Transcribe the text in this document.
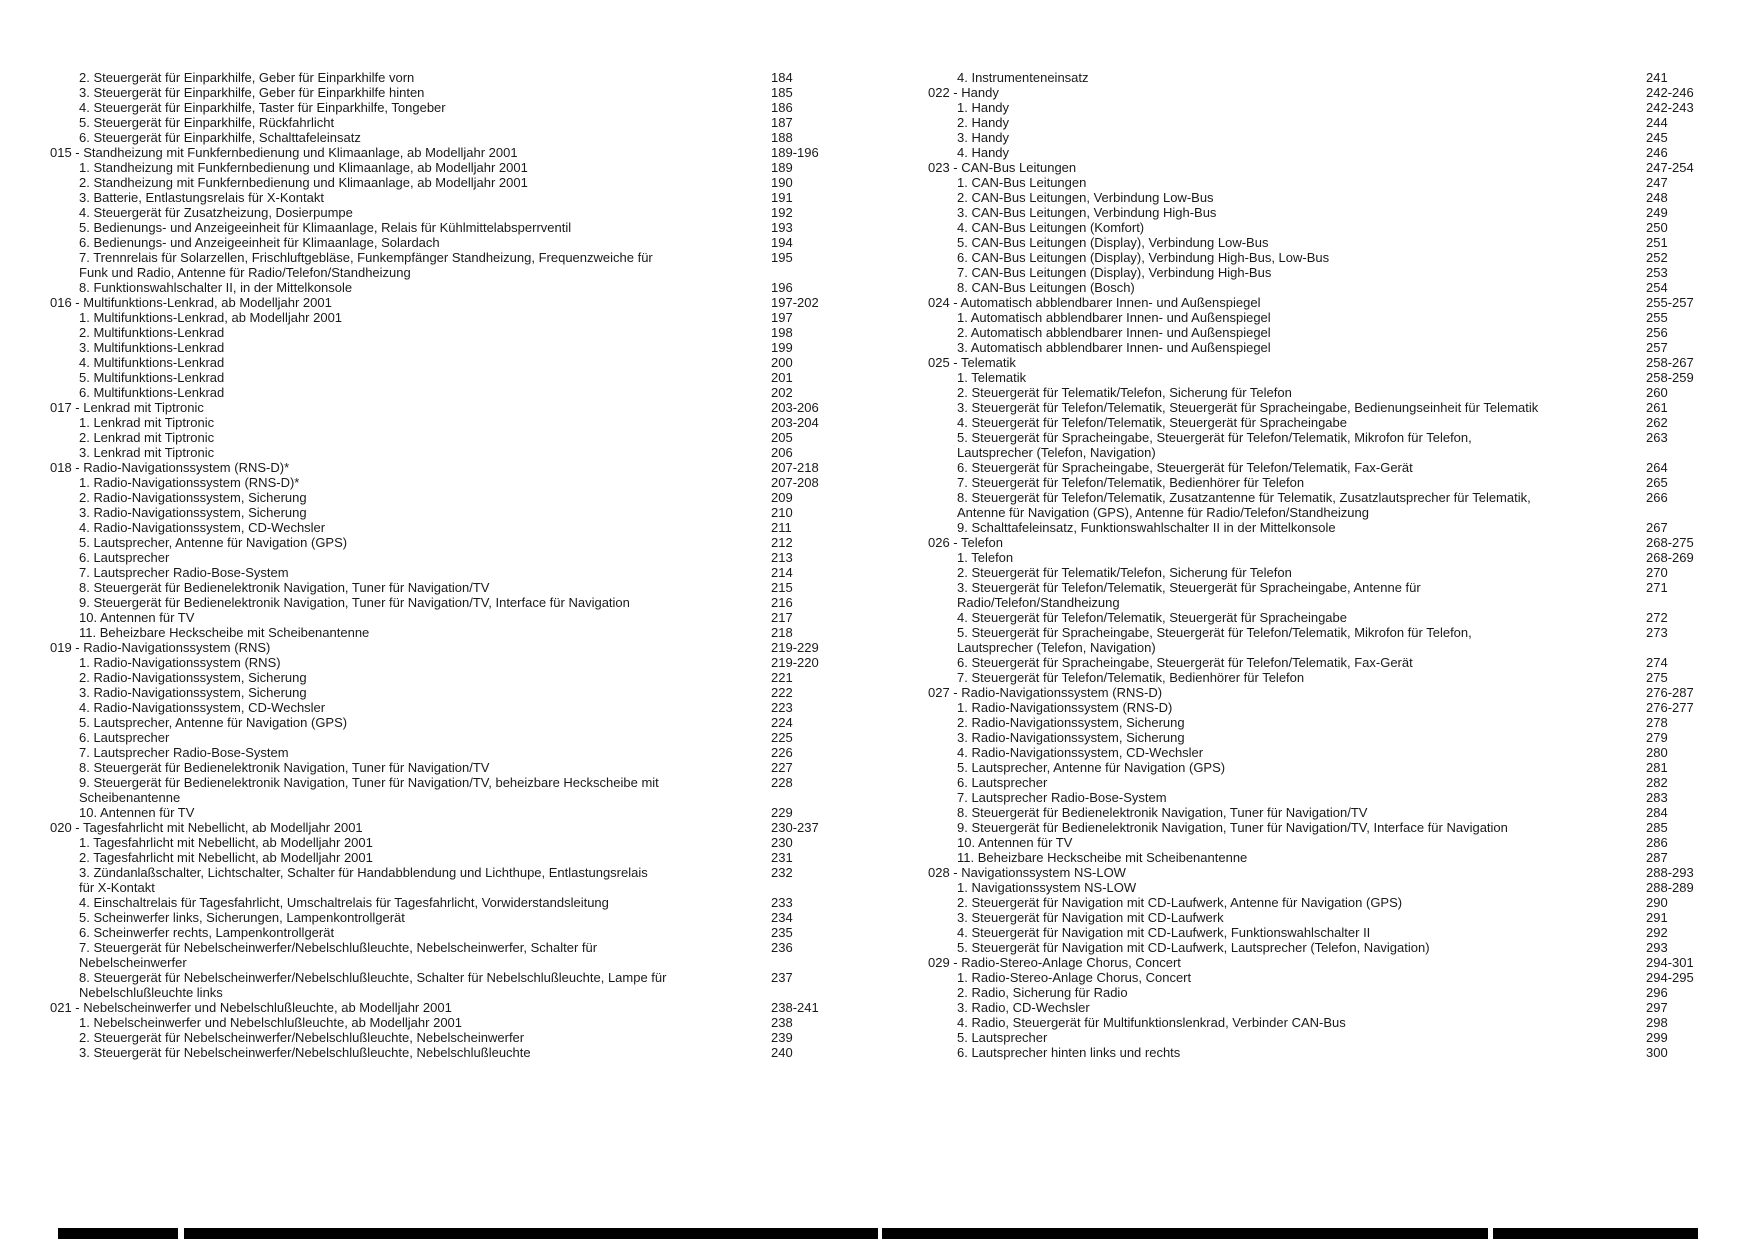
2. Steuergerät für Einparkhilfe, Geber für Einparkhilfe vorn	184
3. Steuergerät für Einparkhilfe, Geber für Einparkhilfe hinten	185
4. Steuergerät für Einparkhilfe, Taster für Einparkhilfe, Tongeber	186
5. Steuergerät für Einparkhilfe, Rückfahrlicht	187
6. Steuergerät für Einparkhilfe, Schalttafeleinsatz	188
015 - Standheizung mit Funkfernbedienung und Klimaanlage, ab Modelljahr 2001	189-196
1. Standheizung mit Funkfernbedienung und Klimaanlage, ab Modelljahr 2001	189
2. Standheizung mit Funkfernbedienung und Klimaanlage, ab Modelljahr 2001	190
3. Batterie, Entlastungsrelais für X-Kontakt	191
4. Steuergerät für Zusatzheizung, Dosierpumpe	192
5. Bedienungs- und Anzeigeeinheit für Klimaanlage, Relais für Kühlmittelabsperrventil	193
6. Bedienungs- und Anzeigeeinheit für Klimaanlage, Solardach	194
7. Trennrelais für Solarzellen, Frischluftgebläse, Funkempfänger Standheizung, Frequenzweiche für	195
Funk und Radio, Antenne für Radio/Telefon/Standheizung
8. Funktionswahlschalter II, in der Mittelkonsole	196
016 - Multifunktions-Lenkrad, ab Modelljahr 2001	197-202
1. Multifunktions-Lenkrad, ab Modelljahr 2001	197
2. Multifunktions-Lenkrad	198
3. Multifunktions-Lenkrad	199
4. Multifunktions-Lenkrad	200
5. Multifunktions-Lenkrad	201
6. Multifunktions-Lenkrad	202
017 - Lenkrad mit Tiptronic	203-206
1. Lenkrad mit Tiptronic	203-204
2. Lenkrad mit Tiptronic	205
3. Lenkrad mit Tiptronic	206
018 - Radio-Navigationssystem (RNS-D)*	207-218
1. Radio-Navigationssystem (RNS-D)*	207-208
2. Radio-Navigationssystem, Sicherung	209
3. Radio-Navigationssystem, Sicherung	210
4. Radio-Navigationssystem, CD-Wechsler	211
5. Lautsprecher, Antenne für Navigation (GPS)	212
6. Lautsprecher	213
7. Lautsprecher Radio-Bose-System	214
8. Steuergerät für Bedienelektronik Navigation, Tuner für Navigation/TV	215
9. Steuergerät für Bedienelektronik Navigation, Tuner für Navigation/TV, Interface für Navigation	216
10. Antennen für TV	217
11. Beheizbare Heckscheibe mit Scheibenantenne	218
019 - Radio-Navigationssystem (RNS)	219-229
1. Radio-Navigationssystem (RNS)	219-220
2. Radio-Navigationssystem, Sicherung	221
3. Radio-Navigationssystem, Sicherung	222
4. Radio-Navigationssystem, CD-Wechsler	223
5. Lautsprecher, Antenne für Navigation (GPS)	224
6. Lautsprecher	225
7. Lautsprecher Radio-Bose-System	226
8. Steuergerät für Bedienelektronik Navigation, Tuner für Navigation/TV	227
9. Steuergerät für Bedienelektronik Navigation, Tuner für Navigation/TV, beheizbare Heckscheibe mit	228
Scheibenantenne
10. Antennen für TV	229
020 - Tagesfahrlicht mit Nebellicht, ab Modelljahr 2001	230-237
1. Tagesfahrlicht mit Nebellicht, ab Modelljahr 2001	230
2. Tagesfahrlicht mit Nebellicht, ab Modelljahr 2001	231
3. Zündanlaßschalter, Lichtschalter, Schalter für Handabblendung und Lichthupe, Entlastungsrelais	232
für X-Kontakt
4. Einschaltrelais für Tagesfahrlicht, Umschaltrelais für Tagesfahrlicht, Vorwiderstandsleitung	233
5. Scheinwerfer links, Sicherungen, Lampenkontrollgerät	234
6. Scheinwerfer rechts, Lampenkontrollgerät	235
7. Steuergerät für Nebelscheinwerfer/Nebelschlußleuchte, Nebelscheinwerfer, Schalter für	236
Nebelscheinwerfer
8. Steuergerät für Nebelscheinwerfer/Nebelschlußleuchte, Schalter für Nebelschlußleuchte, Lampe für	237
Nebelschlußleuchte links
021 - Nebelscheinwerfer und Nebelschlußleuchte, ab Modelljahr 2001	238-241
1. Nebelscheinwerfer und Nebelschlußleuchte, ab Modelljahr 2001	238
2. Steuergerät für Nebelscheinwerfer/Nebelschlußleuchte, Nebelscheinwerfer	239
3. Steuergerät für Nebelscheinwerfer/Nebelschlußleuchte, Nebelschlußleuchte	240
4. Instrumenteneinsatz	241
022 - Handy	242-246
1. Handy	242-243
2. Handy	244
3. Handy	245
4. Handy	246
023 - CAN-Bus Leitungen	247-254
1. CAN-Bus Leitungen	247
2. CAN-Bus Leitungen, Verbindung Low-Bus	248
3. CAN-Bus Leitungen, Verbindung High-Bus	249
4. CAN-Bus Leitungen (Komfort)	250
5. CAN-Bus Leitungen (Display), Verbindung Low-Bus	251
6. CAN-Bus Leitungen (Display), Verbindung High-Bus, Low-Bus	252
7. CAN-Bus Leitungen (Display), Verbindung High-Bus	253
8. CAN-Bus Leitungen (Bosch)	254
024 - Automatisch abblendbarer Innen- und Außenspiegel	255-257
1. Automatisch abblendbarer Innen- und Außenspiegel	255
2. Automatisch abblendbarer Innen- und Außenspiegel	256
3. Automatisch abblendbarer Innen- und Außenspiegel	257
025 - Telematik	258-267
1. Telematik	258-259
2. Steuergerät für Telematik/Telefon, Sicherung für Telefon	260
3. Steuergerät für Telefon/Telematik, Steuergerät für Spracheingabe, Bedienungseinheit für Telematik	261
4. Steuergerät für Telefon/Telematik, Steuergerät für Spracheingabe	262
5. Steuergerät für Spracheingabe, Steuergerät für Telefon/Telematik, Mikrofon für Telefon,	263
Lautsprecher (Telefon, Navigation)
6. Steuergerät für Spracheingabe, Steuergerät für Telefon/Telematik, Fax-Gerät	264
7. Steuergerät für Telefon/Telematik, Bedienhörer für Telefon	265
8. Steuergerät für Telefon/Telematik, Zusatzantenne für Telematik, Zusatzlautsprecher für Telematik,	266
Antenne für Navigation (GPS), Antenne für Radio/Telefon/Standheizung
9. Schalttafeleinsatz, Funktionswahlschalter II in der Mittelkonsole	267
026 - Telefon	268-275
1. Telefon	268-269
2. Steuergerät für Telematik/Telefon, Sicherung für Telefon	270
3. Steuergerät für Telefon/Telematik, Steuergerät für Spracheingabe, Antenne für	271
Radio/Telefon/Standheizung
4. Steuergerät für Telefon/Telematik, Steuergerät für Spracheingabe	272
5. Steuergerät für Spracheingabe, Steuergerät für Telefon/Telematik, Mikrofon für Telefon,	273
Lautsprecher (Telefon, Navigation)
6. Steuergerät für Spracheingabe, Steuergerät für Telefon/Telematik, Fax-Gerät	274
7. Steuergerät für Telefon/Telematik, Bedienhörer für Telefon	275
027 - Radio-Navigationssystem (RNS-D)	276-287
1. Radio-Navigationssystem (RNS-D)	276-277
2. Radio-Navigationssystem, Sicherung	278
3. Radio-Navigationssystem, Sicherung	279
4. Radio-Navigationssystem, CD-Wechsler	280
5. Lautsprecher, Antenne für Navigation (GPS)	281
6. Lautsprecher	282
7. Lautsprecher Radio-Bose-System	283
8. Steuergerät für Bedienelektronik Navigation, Tuner für Navigation/TV	284
9. Steuergerät für Bedienelektronik Navigation, Tuner für Navigation/TV, Interface für Navigation	285
10. Antennen für TV	286
11. Beheizbare Heckscheibe mit Scheibenantenne	287
028 - Navigationssystem NS-LOW	288-293
1. Navigationssystem NS-LOW	288-289
2. Steuergerät für Navigation mit CD-Laufwerk, Antenne für Navigation (GPS)	290
3. Steuergerät für Navigation mit CD-Laufwerk	291
4. Steuergerät für Navigation mit CD-Laufwerk, Funktionswahlschalter II	292
5. Steuergerät für Navigation mit CD-Laufwerk, Lautsprecher (Telefon, Navigation)	293
029 - Radio-Stereo-Anlage Chorus, Concert	294-301
1. Radio-Stereo-Anlage Chorus, Concert	294-295
2. Radio, Sicherung für Radio	296
3. Radio, CD-Wechsler	297
4. Radio, Steuergerät für Multifunktionslenkrad, Verbinder CAN-Bus	298
5. Lautsprecher	299
6. Lautsprecher hinten links und rechts	300
